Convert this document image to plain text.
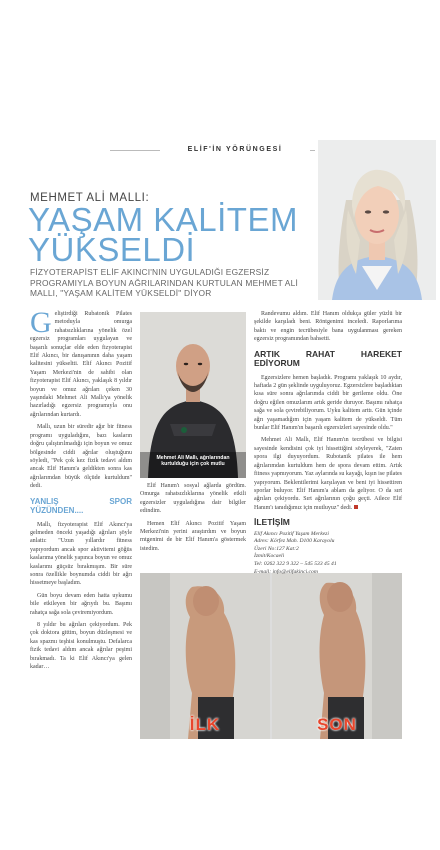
ELİF'İN YÖRÜNGESİ
MEHMET ALİ MALLI:
YAŞAM KALİTEM YÜKSELDİ
FİZYOTERAPİST ELİF AKINCI'NIN UYGULADIĞI EGZERSİZ PROGRAMIYLA BOYUN AĞRILARINDAN KURTULAN MEHMET ALİ MALLI, "YAŞAM KALİTEM YÜKSELDİ" DİYOR

Geliştirdiği Rubatonik Pilates metoduyla omurga rahatsızlıklarına yönelik özel egzersiz programları uygulayan ve başarılı sonuçlar elde eden fizyoterapist Elif Akıncı, bir danışanının daha yaşam kalitesini yükseltti. Elif Akıncı Pozitif Yaşam Merkezi'nin de sahibi olan fizyoterapist Elif Akıncı, yaklaşık 8 yıldır boyun ve omuz ağrıları çeken 30 yaşındaki Mehmet Ali Mallı'ya yönelik hazırladığı egzersiz programıyla onu ağrılarından kurtardı.

Mallı, uzun bir süredir ağır bir fitness programı uyguladığını, bazı kasların doğru çalıştırılmadığı için boyun ve omuz bölgesinde ciddi ağrılar oluştuğunu söyledi, "Pek çok kez fizik tedavi aldım ancak Elif Hanım'a geldikten sonra kas ağrılarımdan büyük ölçüde kurtuldum" dedi.

YANLIŞ SPOR YÜZÜNDEN....

Mallı, fizyoterapist Elif Akıncı'ya gelmeden önceki yaşadığı ağrıları şöyle anlattı: "Uzun yıllardır fitness yapıyordum ancak spor aktivitemi göğüs kaslarıma yönelik yapınca boyun ve omuz kaslarımı güçsüz bırakmışım. Bir süre sonra özellikle boynumda ciddi bir ağrı hissetmeye başladım.

Gün boyu devam eden hatta uykumu bile etkileyen bir ağrıydı bu. Başımı rahatça sağa sola çeviremiyordum.

8 yıldır bu ağrıları çekiyordum. Pek çok doktora gittim, boyun düzleşmesi ve kas spazmı teşhisi konulmuştu. Defalarca fizik tedavi aldım ancak ağrılar peşimi bırakmadı. Ta ki Elif Akıncı'ya gelen kadar…

Mehmet Ali Mallı, ağrılarından kurtulduğu için çok mutlu

Elif Hanım'ı sosyal ağlarda gördüm. Omurga rahatsızlıklarına yönelik etkili egzersizler uyguladığına dair bilgiler edindim.

Hemen Elif Akıncı Pozitif Yaşam Merkezi'nin yerini araştırdım ve boyun rntgenimi de bir Elif Hanım'a göstermek istedim.

İLK	SON

Randevumu aldım. Elif Hanım oldukça güler yüzlü bir şekilde karşıladı beni. Röntgenimi inceledi. Raporlarıma baktı ve engin tecrübesiyle bana uygulanması gereken egzersiz programından bahsetti.

ARTIK RAHAT HAREKET EDİYORUM

Egzersizlere hemen başladık. Programı yaklaşık 10 aydır, haftada 2 gün şeklinde uyguluyoruz. Egzersizlere başladıktan kısa süre sonra ağrılarımda ciddi bir gerileme oldu. Öne doğru eğilen omuzlarım artık geride duruyor. Başımı rahatça sağa ve sola çevirebiliyorum. Uyku kalitem arttı. Gün içinde ağrı yaşamadığım için yaşam kalitem de yükseldi. Tüm bunlar Elif Hanım'ın başarılı egzersizleri sayesinde oldu."

Mehmet Ali Mallı, Elif Hanım'ın tecrübesi ve bilgisi sayesinde kendisini çok iyi hissettiğini söyleyerek, "Zaten spora ilgi duyuyordum. Rubotanik pilates ile hem ağrılarımdan kurtuldum hem de spora devam ettim. Artık fitness yapmıyorum. Yaz aylarında su kayağı, kışın ise pilates yapıyorum. Beklentilerimi karşılayan ve beni iyi hissettiren sporlar buluyor. Elif Hanım'a ablam da geliyor. O da sırt ağrıları çekiyordu. Sırt ağrılarının çoğu geçti. Ailece Elif Hanım'ı tanıdığımız için mutluyuz" dedi.

İLETİŞİM

Elif Akıncı Pozitif Yaşam Merkezi

Adres: Körfez Mah. D100 Karayolu

Üzeri No:127 Kat:2

İzmit/Kocaeli

Tel: 0262 322 9 322 – 545 533 45 41

E-mail: info@elifakinci.com
